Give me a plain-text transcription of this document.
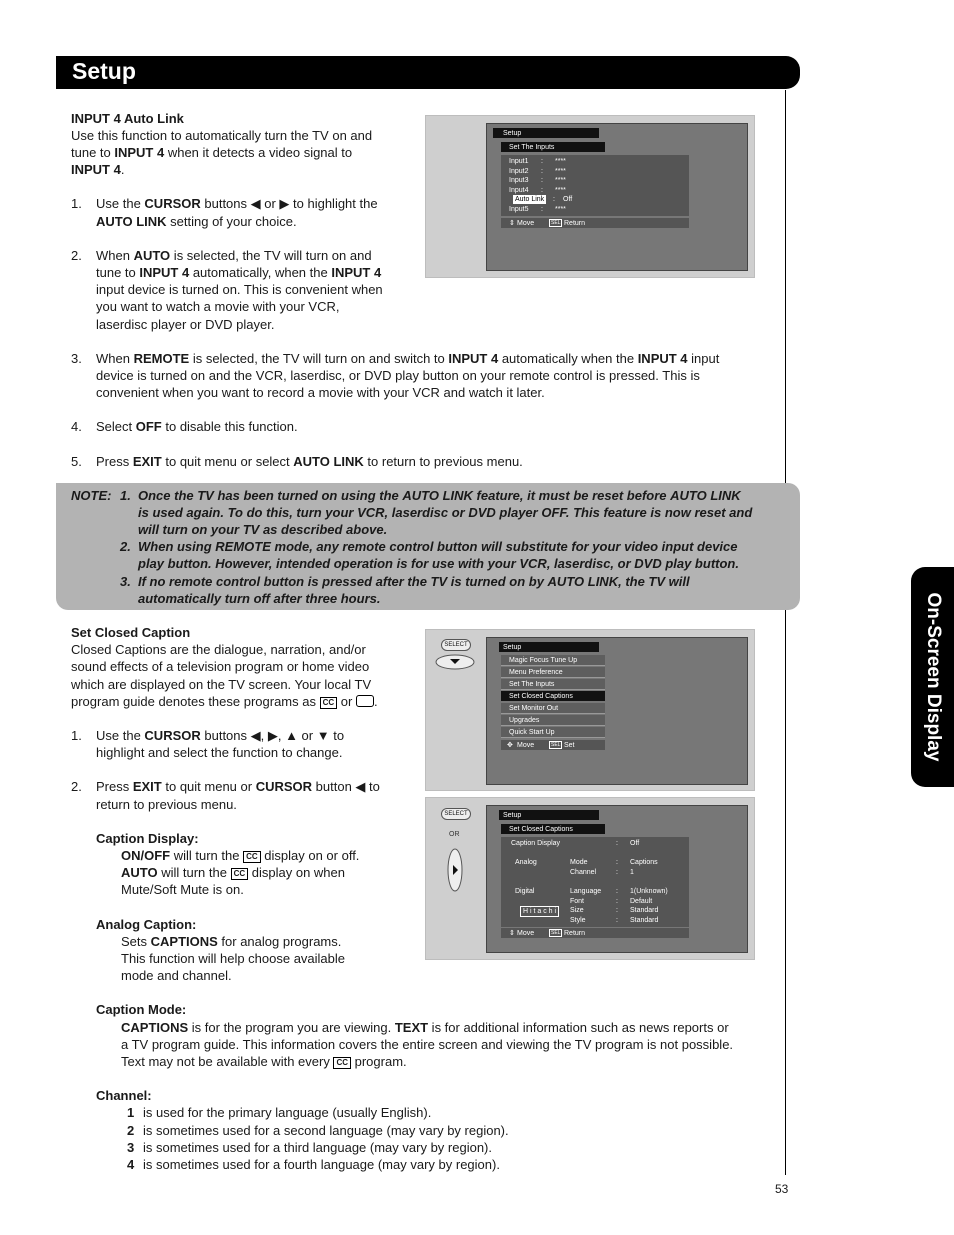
Setup
On-Screen Display

INPUT 4 Auto Link

Use this function to automatically turn the TV on and

tune to INPUT 4 when it detects a video signal to

INPUT 4.

1. Use the CURSOR buttons ◀ or ▶ to highlight the

AUTO LINK setting of your choice.

2. When AUTO is selected, the TV will turn on and

tune to INPUT 4 automatically, when the INPUT 4

input device is turned on. This is convenient when

you want to watch a movie with your VCR,

laserdisc player or DVD player.

3. When REMOTE is selected, the TV will turn on and switch to INPUT 4 automatically when the INPUT 4 input

device is turned on and the VCR, laserdisc, or DVD play button on your remote control is pressed. This is

convenient when you want to record a movie with your VCR and watch it later.

4. Select OFF to disable this function.

5. Press EXIT to quit menu or select AUTO LINK to return to previous menu.

Setup
Set The Inputs
Input1 : ****
Input2 : ****
Input3 : ****
Input4 : ****
Auto Link : Off
Input5 : ****
⇕ Move	SEL Return
NOTE: 1. Once the TV has been turned on using the AUTO LINK feature, it must be reset before AUTO LINK
is used again. To do this, turn your VCR, laserdisc or DVD player OFF. This feature is now reset and
will turn on your TV as described above.
2. When using REMOTE mode, any remote control button will substitute for your video input device
play button. However, intended operation is for use with your VCR, laserdisc, or DVD play button.
3. If no remote control button is pressed after the TV is turned on by AUTO LINK, the TV will
automatically turn off after three hours.

Set Closed Caption

Closed Captions are the dialogue, narration, and/or

sound effects of a television program or home video

which are displayed on the TV screen. Your local TV

program guide denotes these programs as CC or .

1. Use the CURSOR buttons ◀, ▶, ▲ or ▼ to

highlight and select the function to change.

2. Press EXIT to quit menu or CURSOR button ◀ to

return to previous menu.

Caption Display:

ON/OFF will turn the CC display on or off.

AUTO will turn the CC display on when

Mute/Soft Mute is on.

Analog Caption:

Sets CAPTIONS for analog programs.

This function will help choose available

mode and channel.

Caption Mode:

CAPTIONS is for the program you are viewing. TEXT is for additional information such as news reports or

a TV program guide. This information covers the entire screen and viewing the TV program is not possible.

Text may not be available with every CC program.

Channel:

1 is used for the primary language (usually English).

2 is sometimes used for a second language (may vary by region).

3 is sometimes used for a third language (may vary by region).

4 is sometimes used for a fourth language (may vary by region).

SELECT	Setup
Magic Focus Tune Up
Menu Preference
Set The Inputs
Set Closed Captions
Set Monitor Out
Upgrades
Quick Start Up
✥ Move	SEL Set
SELECT
OR
Setup
Set Closed Captions
Caption Display	: Off
Analog	Mode	: Captions
Channel	: 1
Digital	Language : 1(Unknown)
Font	: Default
H i t a c h i	Size	: Standard
Style	: Standard
⇕ Move	SEL Return
53
